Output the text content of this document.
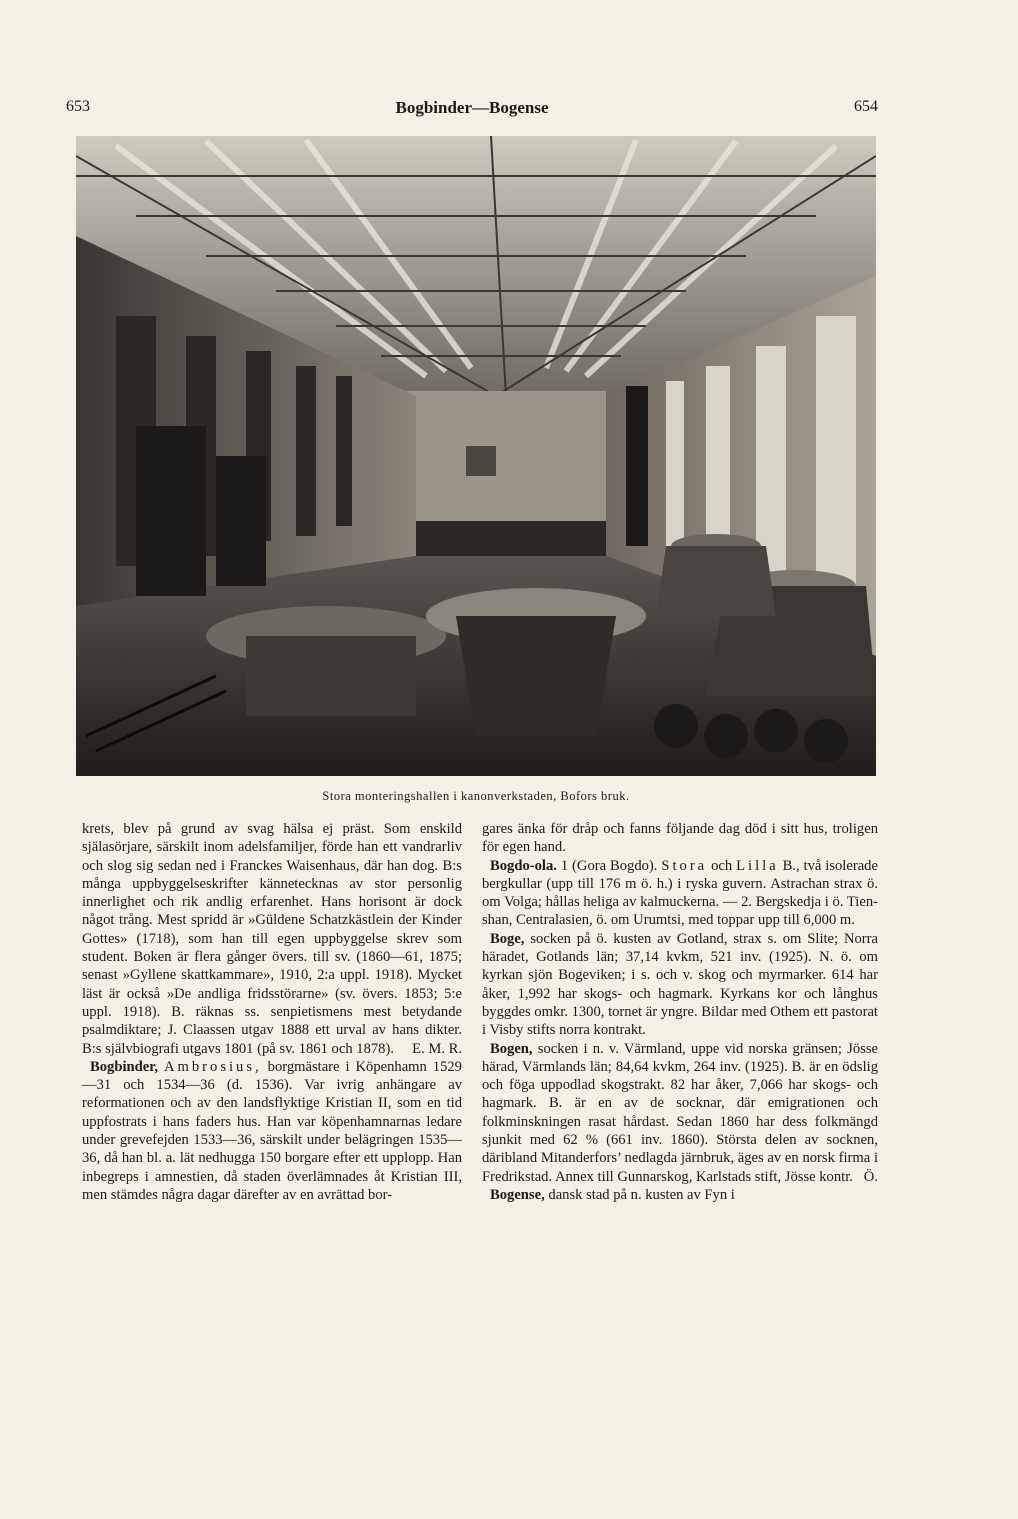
653	Bogbinder—Bogense	654
Stora monteringshallen i kanonverkstaden, Bofors bruk.

krets, blev på grund av svag hälsa ej präst. Som enskild själasörjare, särskilt inom adelsfamiljer, förde han ett vandrarliv och slog sig sedan ned i Franckes Waisenhaus, där han dog. B:s många uppbyggelseskrifter kännetecknas av stor personlig innerlighet och rik andlig erfarenhet. Hans horisont är dock något trång. Mest spridd är »Güldene Schatzkästlein der Kinder Gottes» (1718), som han till egen uppbyggelse skrev som student. Boken är flera gånger övers. till sv. (1860—61, 1875; senast »Gyllene skattkammare», 1910, 2:a uppl. 1918). Mycket läst är också »De andliga fridsstörarne» (sv. övers. 1853; 5:e uppl. 1918). B. räknas ss. senpietismens mest betydande psalmdiktare; J. Claassen utgav 1888 ett urval av hans dikter. B:s självbiografi utgavs 1801 (på sv. 1861 och 1878). E. M. R.

Bogbinder, Ambrosius, borgmästare i Köpenhamn 1529—31 och 1534—36 (d. 1536). Var ivrig anhängare av reformationen och av den landsflyktige Kristian II, som en tid uppfostrats i hans faders hus. Han var köpenhamnarnas ledare under grevefejden 1533—36, särskilt under belägringen 1535—36, då han bl. a. lät nedhugga 150 borgare efter ett upplopp. Han inbegreps i amnestien, då staden överlämnades åt Kristian III, men stämdes några dagar därefter av en avrättad bor-

gares änka för dråp och fanns följande dag död i sitt hus, troligen för egen hand.

Bogdo-ola. 1 (Gora Bogdo). Stora och Lilla B., två isolerade bergkullar (upp till 176 m ö. h.) i ryska guvern. Astrachan strax ö. om Volga; hållas heliga av kalmuckerna. — 2. Bergskedja i ö. Tien-shan, Centralasien, ö. om Urumtsi, med toppar upp till 6,000 m.

Boge, socken på ö. kusten av Gotland, strax s. om Slite; Norra häradet, Gotlands län; 37,14 kvkm, 521 inv. (1925). N. ö. om kyrkan sjön Bogeviken; i s. och v. skog och myrmarker. 614 har åker, 1,992 har skogs- och hagmark. Kyrkans kor och långhus byggdes omkr. 1300, tornet är yngre. Bildar med Othem ett pastorat i Visby stifts norra kontrakt.

Bogen, socken i n. v. Värmland, uppe vid norska gränsen; Jösse härad, Värmlands län; 84,64 kvkm, 264 inv. (1925). B. är en ödslig och föga uppodlad skogstrakt. 82 har åker, 7,066 har skogs- och hagmark. B. är en av de socknar, där emigrationen och folkminskningen rasat hårdast. Sedan 1860 har dess folkmängd sjunkit med 62 % (661 inv. 1860). Största delen av socknen, däribland Mitanderfors’ nedlagda järnbruk, äges av en norsk firma i Fredrikstad. Annex till Gunnarskog, Karlstads stift, Jösse kontr. Ö.

Bogense, dansk stad på n. kusten av Fyn i
